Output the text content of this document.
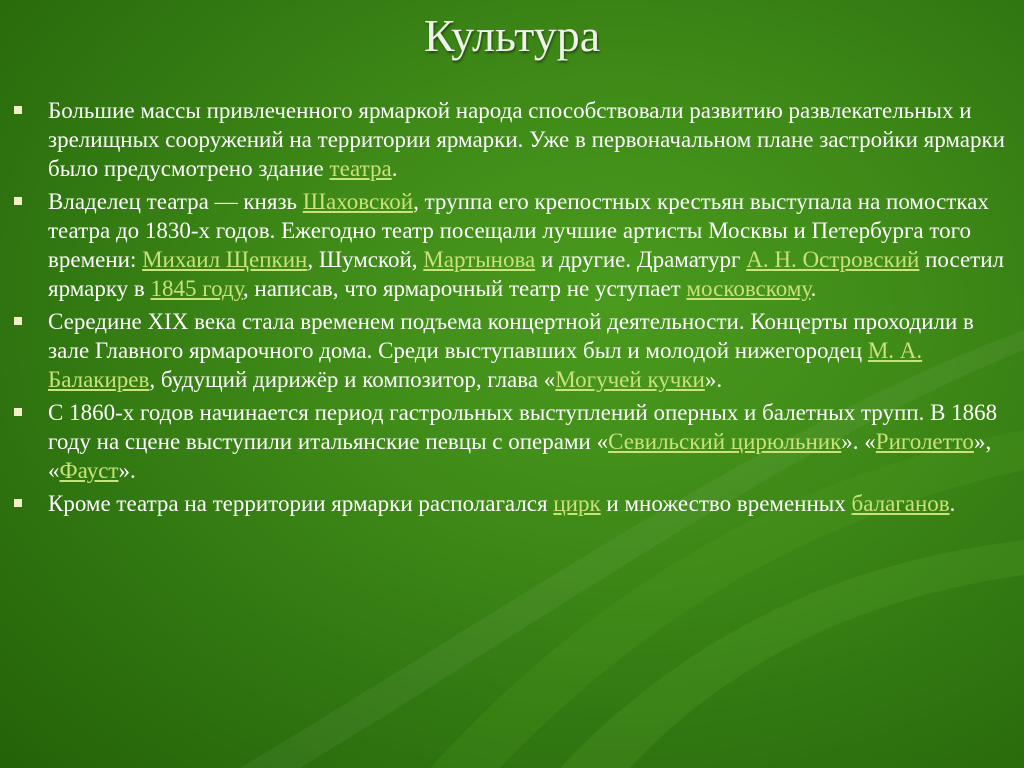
Культура
Большие массы привлеченного ярмаркой народа способствовали развитию развлекательных и зрелищных сооружений на территории ярмарки. Уже в первоначальном плане застройки ярмарки было предусмотрено здание театра.
Владелец театра — князь Шаховской, труппа его крепостных крестьян выступала на помостках театра до 1830-х годов. Ежегодно театр посещали лучшие артисты Москвы и Петербурга того времени: Михаил Щепкин, Шумской, Мартынова и другие. Драматург А. Н. Островский посетил ярмарку в 1845 году, написав, что ярмарочный театр не уступает московскому.
Середине XIX века стала временем подъема концертной деятельности. Концерты проходили в зале Главного ярмарочного дома. Среди выступавших был и молодой нижегородец М. А. Балакирев, будущий дирижёр и композитор, глава «Могучей кучки».
С 1860-х годов начинается период гастрольных выступлений оперных и балетных трупп. В 1868 году на сцене выступили итальянские певцы с операми «Севильский цирюльник». «Риголетто», «Фауст».
Кроме театра на территории ярмарки располагался цирк и множество временных балаганов.
